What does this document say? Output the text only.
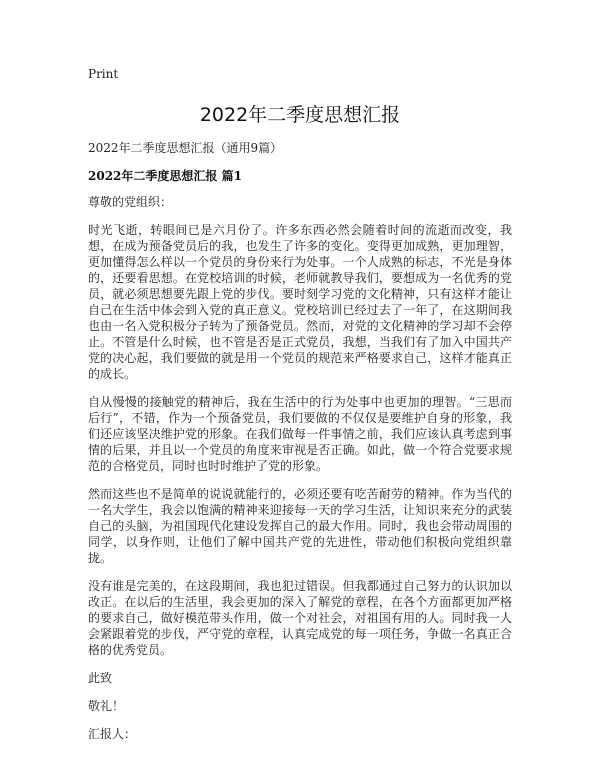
Print
2022年二季度思想汇报

2022年二季度思想汇报（通用9篇）

2022年二季度思想汇报 篇1

尊敬的党组织：

时光飞逝，转眼间已是六月份了。许多东西必然会随着时间的流逝而改变，我想，在成为预备党员后的我，也发生了许多的变化。变得更加成熟，更加理智，更加懂得怎么样以一个党员的身份来行为处事。一个人成熟的标志，不光是身体的，还要看思想。在党校培训的时候，老师就教导我们，要想成为一名优秀的党员，就必须思想要先跟上党的步伐。要时刻学习党的文化精神，只有这样才能让自己在生活中体会到入党的真正意义。党校培训已经过去了一年了，在这期间我也由一名入党积极分子转为了预备党员。然而，对党的文化精神的学习却不会停止。不管是什么时候，也不管是否是正式党员，我想，当我们有了加入中国共产党的决心起，我们要做的就是用一个党员的规范来严格要求自己，这样才能真正的成长。

自从慢慢的接触党的精神后，我在生活中的行为处事中也更加的理智。“三思而后行”，不错，作为一个预备党员，我们要做的不仅仅是要维护自身的形象，我们还应该坚决维护党的形象。在我们做每一件事情之前，我们应该认真考虑到事情的后果，并且以一个党员的角度来审视是否正确。如此，做一个符合党要求规范的合格党员，同时也时时维护了党的形象。

然而这些也不是简单的说说就能行的，必须还要有吃苦耐劳的精神。作为当代的一名大学生，我会以饱满的精神来迎接每一天的学习生活，让知识来充分的武装自己的头脑，为祖国现代化建设发挥自己的最大作用。同时，我也会带动周围的同学，以身作则，让他们了解中国共产党的先进性，带动他们积极向党组织靠拢。

没有谁是完美的，在这段期间，我也犯过错误。但我都通过自己努力的认识加以改正。在以后的生活里，我会更加的深入了解党的章程，在各个方面都更加严格的要求自己，做好模范带头作用，做一个对社会，对祖国有用的人。同时我一人会紧跟着党的步伐，严守党的章程，认真完成党的每一项任务，争做一名真正合格的优秀党员。

此致

敬礼！

汇报人：
